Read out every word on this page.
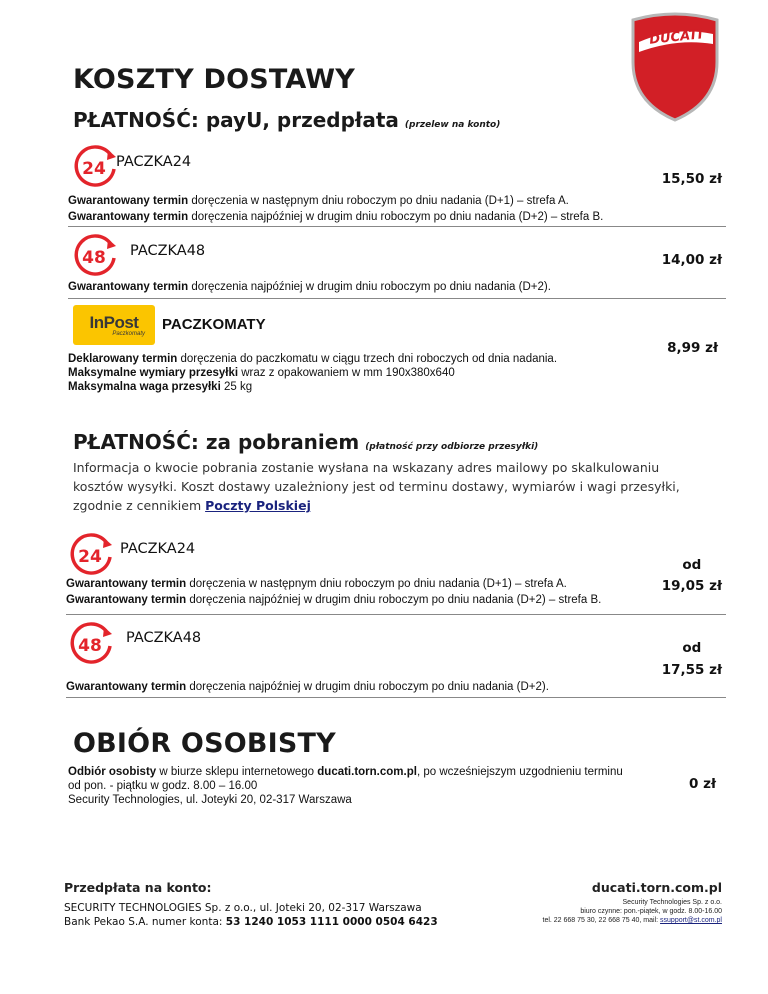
DUCATI
KOSZTY DOSTAWY
PŁATNOŚĆ: payU, przedpłata (przelew na konto)
24 PACZKA24
15,50 zł
Gwarantowany termin doręczenia w następnym dniu roboczym po dniu nadania (D+1) – strefa A.
Gwarantowany termin doręczenia najpóźniej w drugim dniu roboczym po dniu nadania (D+2) – strefa B.
48 PACZKA48
14,00 zł
Gwarantowany termin doręczenia najpóźniej w drugim dniu roboczym po dniu nadania (D+2).
InPost
Paczkomaty
PACZKOMATY
8,99 zł
Deklarowany termin doręczenia do paczkomatu w ciągu trzech dni roboczych od dnia nadania.
Maksymalne wymiary przesyłki wraz z opakowaniem w mm 190x380x640
Maksymalna waga przesyłki 25 kg
PŁATNOŚĆ: za pobraniem (płatność przy odbiorze przesyłki)
Informacja o kwocie pobrania zostanie wysłana na wskazany adres mailowy po skalkulowaniu kosztów wysyłki. Koszt dostawy uzależniony jest od terminu dostawy, wymiarów i wagi przesyłki, zgodnie z cennikiem Poczty Polskiej
24 PACZKA24
od
19,05 zł
Gwarantowany termin doręczenia w następnym dniu roboczym po dniu nadania (D+1) – strefa A.
Gwarantowany termin doręczenia najpóźniej w drugim dniu roboczym po dniu nadania (D+2) – strefa B.
48 PACZKA48
od
17,55 zł
Gwarantowany termin doręczenia najpóźniej w drugim dniu roboczym po dniu nadania (D+2).
OBIÓR OSOBISTY
Odbiór osobisty w biurze sklepu internetowego ducati.torn.com.pl, po wcześniejszym uzgodnieniu terminu
od pon. - piątku w godz. 8.00 – 16.00
Security Technologies, ul. Joteyki 20, 02-317 Warszawa
0 zł
Przedpłata na konto:
SECURITY TECHNOLOGIES Sp. z o.o., ul. Joteki 20, 02-317 Warszawa
Bank Pekao S.A. numer konta: 53 1240 1053 1111 0000 0504 6423
ducati.torn.com.pl
Security Technologies Sp. z o.o.
biuro czynne: pon.-piątek, w godz. 8.00-16.00
tel. 22 668 75 30, 22 668 75 40, mail: ssupport@st.com.pl
